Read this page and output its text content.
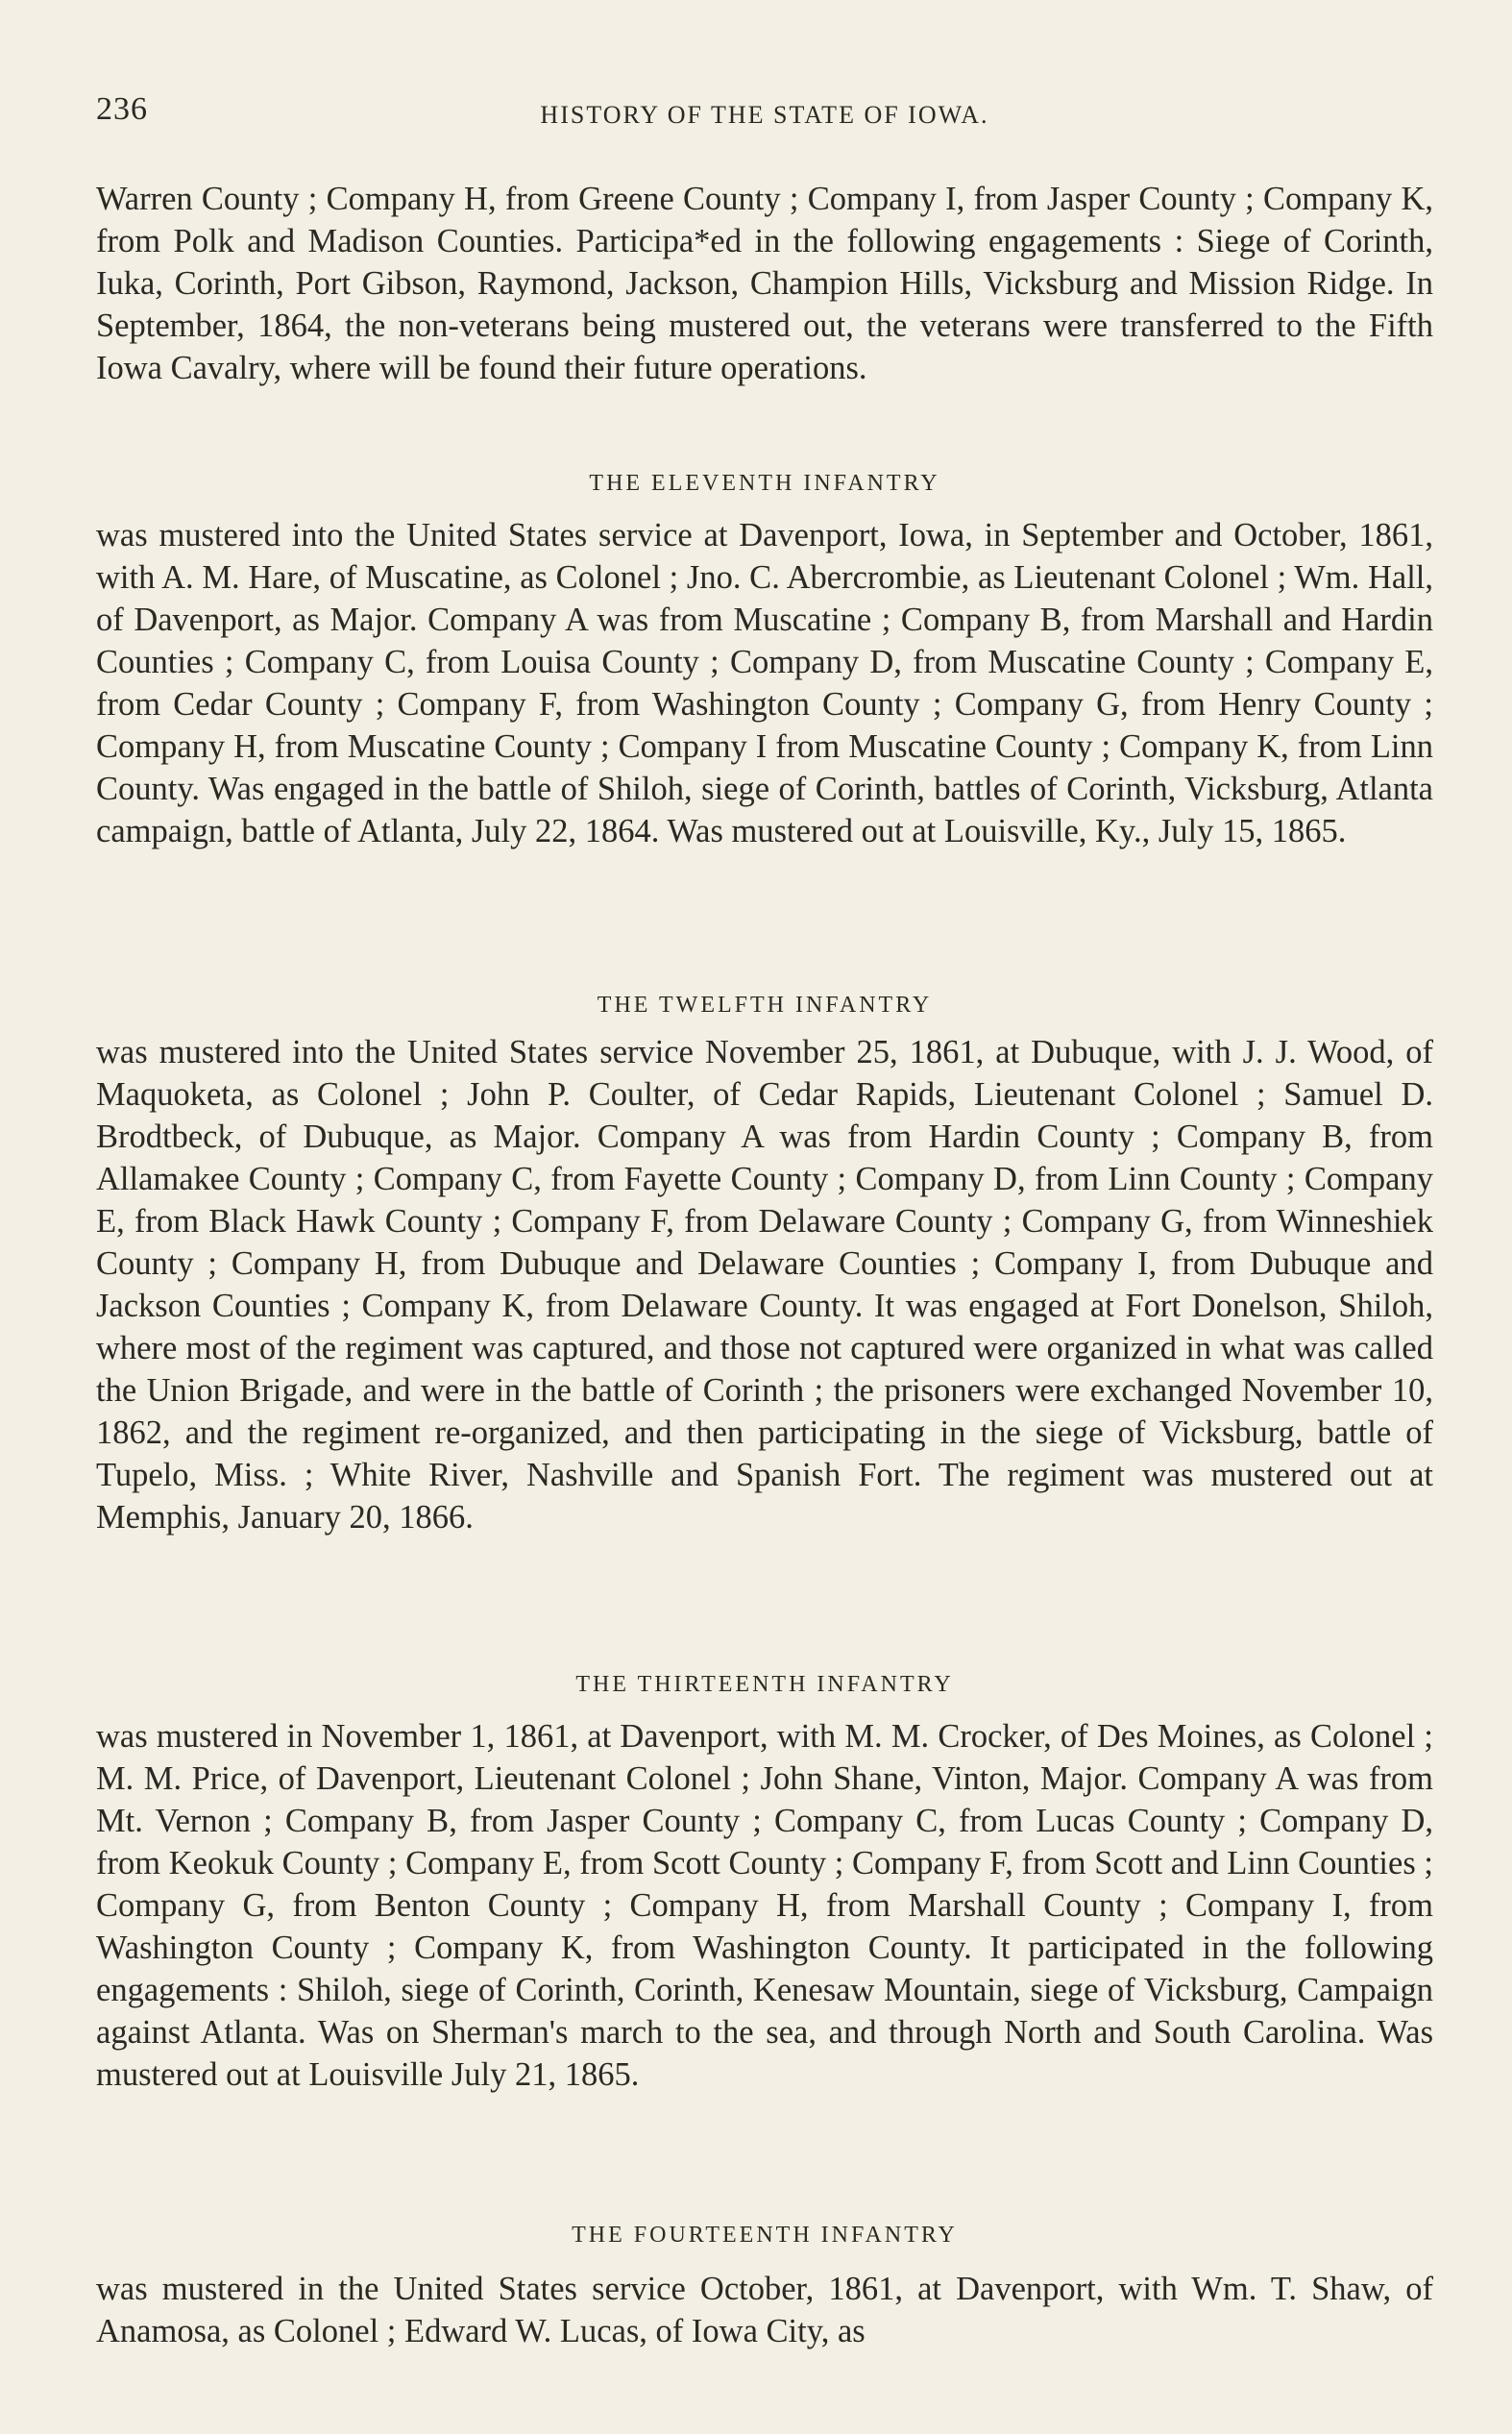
236	HISTORY OF THE STATE OF IOWA.

Warren County ; Company H, from Greene County ; Company I, from Jasper County ; Company K, from Polk and Madison Counties. Participa*ed in the following engagements : Siege of Corinth, Iuka, Corinth, Port Gibson, Raymond, Jackson, Champion Hills, Vicksburg and Mission Ridge. In September, 1864, the non-veterans being mustered out, the veterans were transferred to the Fifth Iowa Cavalry, where will be found their future operations.

THE ELEVENTH INFANTRY

was mustered into the United States service at Davenport, Iowa, in September and October, 1861, with A. M. Hare, of Muscatine, as Colonel ; Jno. C. Abercrombie, as Lieutenant Colonel ; Wm. Hall, of Davenport, as Major. Company A was from Muscatine ; Company B, from Marshall and Hardin Counties ; Company C, from Louisa County ; Company D, from Muscatine County ; Company E, from Cedar County ; Company F, from Washington County ; Company G, from Henry County ; Company H, from Muscatine County ; Company I from Muscatine County ; Company K, from Linn County. Was engaged in the battle of Shiloh, siege of Corinth, battles of Corinth, Vicksburg, Atlanta campaign, battle of Atlanta, July 22, 1864. Was mustered out at Louisville, Ky., July 15, 1865.

THE TWELFTH INFANTRY

was mustered into the United States service November 25, 1861, at Dubuque, with J. J. Wood, of Maquoketa, as Colonel ; John P. Coulter, of Cedar Rapids, Lieutenant Colonel ; Samuel D. Brodtbeck, of Dubuque, as Major. Company A was from Hardin County ; Company B, from Allamakee County ; Company C, from Fayette County ; Company D, from Linn County ; Company E, from Black Hawk County ; Company F, from Delaware County ; Company G, from Winneshiek County ; Company H, from Dubuque and Delaware Counties ; Company I, from Dubuque and Jackson Counties ; Company K, from Delaware County. It was engaged at Fort Donelson, Shiloh, where most of the regiment was captured, and those not captured were organized in what was called the Union Brigade, and were in the battle of Corinth ; the prisoners were exchanged November 10, 1862, and the regiment re-organized, and then participating in the siege of Vicksburg, battle of Tupelo, Miss. ; White River, Nashville and Spanish Fort. The regiment was mustered out at Memphis, January 20, 1866.

THE THIRTEENTH INFANTRY

was mustered in November 1, 1861, at Davenport, with M. M. Crocker, of Des Moines, as Colonel ; M. M. Price, of Davenport, Lieutenant Colonel ; John Shane, Vinton, Major. Company A was from Mt. Vernon ; Company B, from Jasper County ; Company C, from Lucas County ; Company D, from Keokuk County ; Company E, from Scott County ; Company F, from Scott and Linn Counties ; Company G, from Benton County ; Company H, from Marshall County ; Company I, from Washington County ; Company K, from Washington County. It participated in the following engagements : Shiloh, siege of Corinth, Corinth, Kenesaw Mountain, siege of Vicksburg, Campaign against Atlanta. Was on Sherman's march to the sea, and through North and South Carolina. Was mustered out at Louisville July 21, 1865.

THE FOURTEENTH INFANTRY

was mustered in the United States service October, 1861, at Davenport, with Wm. T. Shaw, of Anamosa, as Colonel ; Edward W. Lucas, of Iowa City, as
